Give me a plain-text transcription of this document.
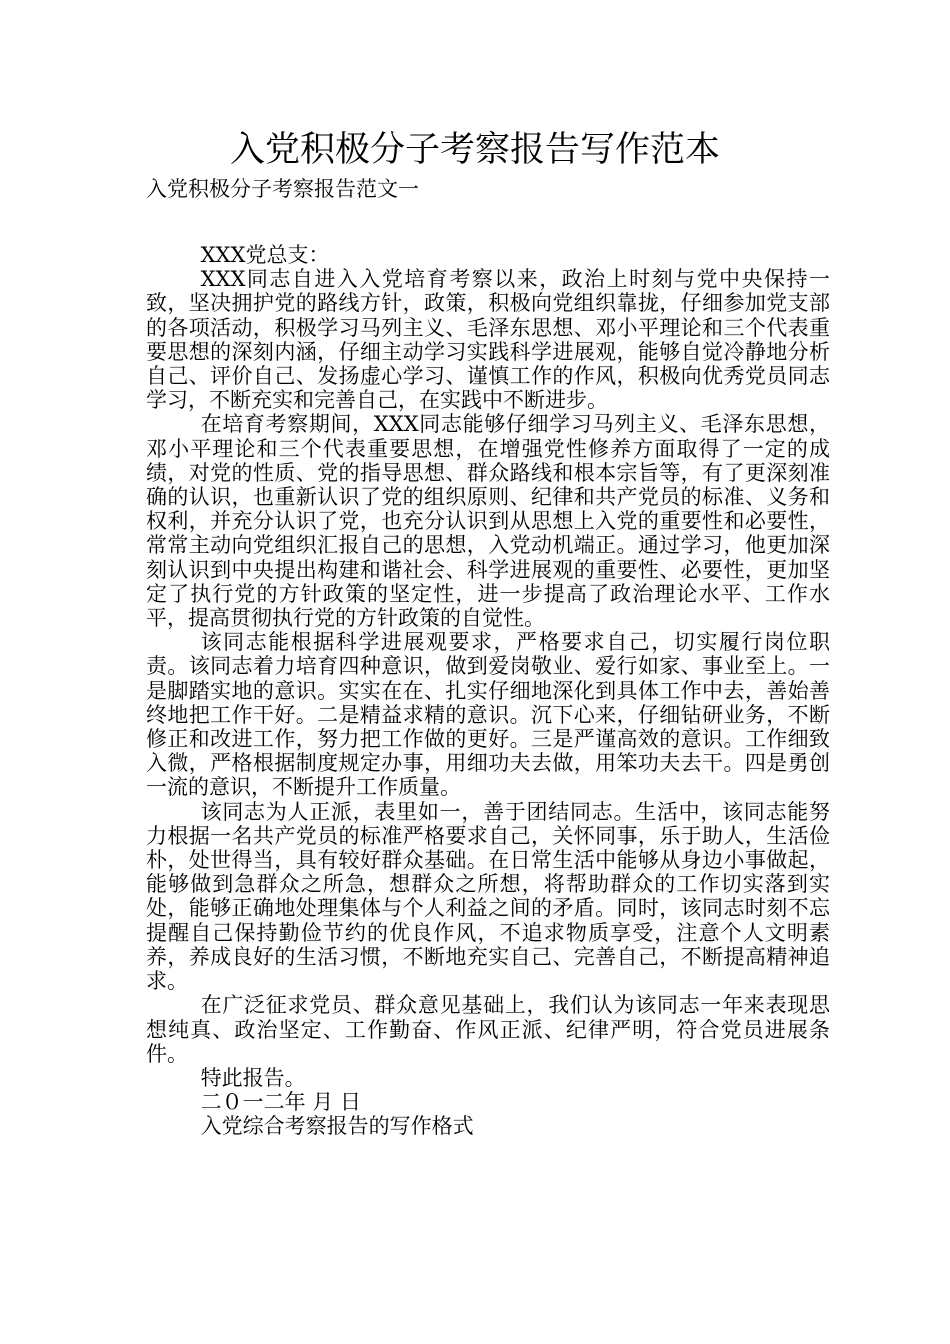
入党积极分子考察报告写作范本
入党积极分子考察报告范文一

XXX党总支：

XXX同志自进入入党培育考察以来，政治上时刻与党中央保持一致，坚决拥护党的路线方针，政策，积极向党组织靠拢，仔细参加党支部的各项活动，积极学习马列主义、毛泽东思想、邓小平理论和三个代表重要思想的深刻内涵，仔细主动学习实践科学进展观，能够自觉冷静地分析自己、评价自己、发扬虚心学习、谨慎工作的作风，积极向优秀党员同志学习，不断充实和完善自己，在实践中不断进步。

在培育考察期间，XXX同志能够仔细学习马列主义、毛泽东思想，邓小平理论和三个代表重要思想，在增强党性修养方面取得了一定的成绩，对党的性质、党的指导思想、群众路线和根本宗旨等，有了更深刻准确的认识，也重新认识了党的组织原则、纪律和共产党员的标准、义务和权利，并充分认识了党，也充分认识到从思想上入党的重要性和必要性，常常主动向党组织汇报自己的思想，入党动机端正。通过学习，他更加深刻认识到中央提出构建和谐社会、科学进展观的重要性、必要性，更加坚定了执行党的方针政策的坚定性，进一步提高了政治理论水平、工作水平，提高贯彻执行党的方针政策的自觉性。

该同志能根据科学进展观要求，严格要求自己，切实履行岗位职责。该同志着力培育四种意识，做到爱岗敬业、爱行如家、事业至上。一是脚踏实地的意识。实实在在、扎实仔细地深化到具体工作中去，善始善终地把工作干好。二是精益求精的意识。沉下心来，仔细钻研业务，不断修正和改进工作，努力把工作做的更好。三是严谨高效的意识。工作细致入微，严格根据制度规定办事，用细功夫去做，用笨功夫去干。四是勇创一流的意识，不断提升工作质量。

该同志为人正派，表里如一，善于团结同志。生活中，该同志能努力根据一名共产党员的标准严格要求自己，关怀同事，乐于助人，生活俭朴，处世得当，具有较好群众基础。在日常生活中能够从身边小事做起，能够做到急群众之所急，想群众之所想，将帮助群众的工作切实落到实处，能够正确地处理集体与个人利益之间的矛盾。同时，该同志时刻不忘提醒自己保持勤俭节约的优良作风，不追求物质享受，注意个人文明素养，养成良好的生活习惯，不断地充实自己、完善自己，不断提高精神追求。

在广泛征求党员、群众意见基础上，我们认为该同志一年来表现思想纯真、政治坚定、工作勤奋、作风正派、纪律严明，符合党员进展条件。

特此报告。

二０一二年 月 日

入党综合考察报告的写作格式
